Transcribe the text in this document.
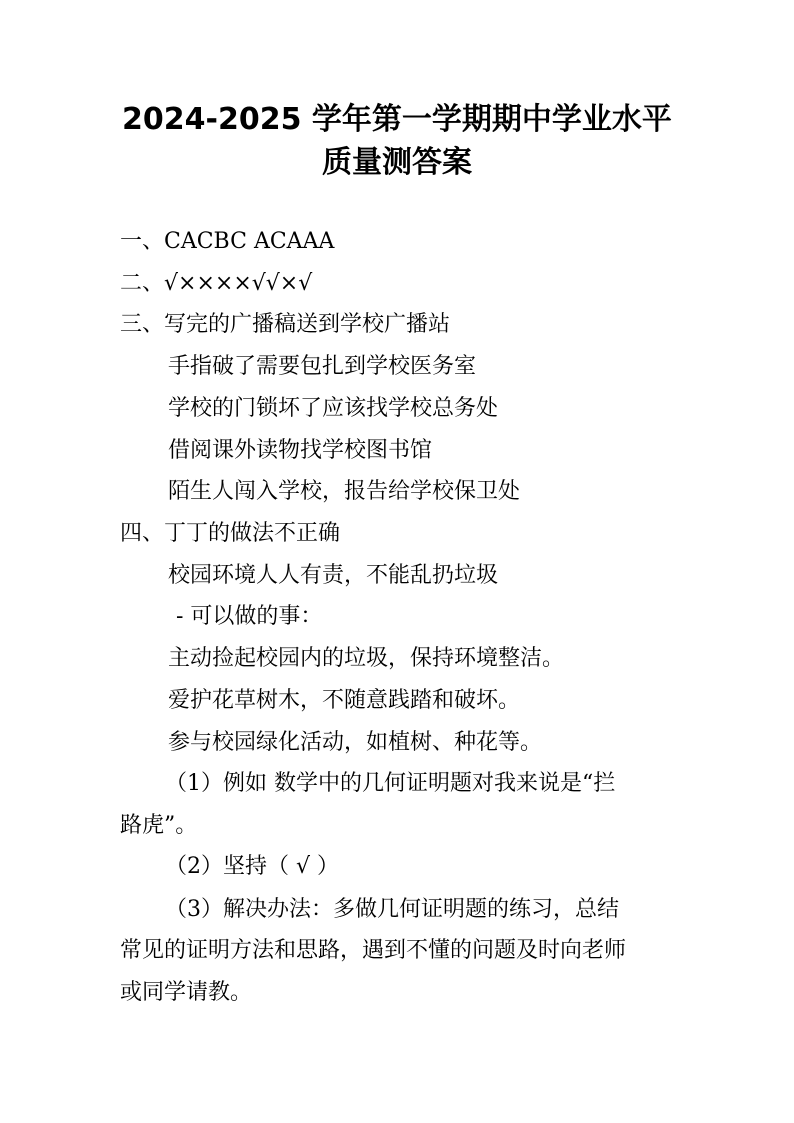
2024-2025 学年第一学期期中学业水平
质量测答案
一、CACBC ACAAA
二、√××××√√×√
三、写完的广播稿送到学校广播站
手指破了需要包扎到学校医务室
学校的门锁坏了应该找学校总务处
借阅课外读物找学校图书馆
陌生人闯入学校，报告给学校保卫处
四、丁丁的做法不正确
校园环境人人有责，不能乱扔垃圾
- 可以做的事：
主动捡起校园内的垃圾，保持环境整洁。
爱护花草树木，不随意践踏和破坏。
参与校园绿化活动，如植树、种花等。
（1）例如 数学中的几何证明题对我来说是“拦
路虎”。
（2）坚持（ √ ）
（3）解决办法：多做几何证明题的练习，总结
常见的证明方法和思路，遇到不懂的问题及时向老师
或同学请教。
